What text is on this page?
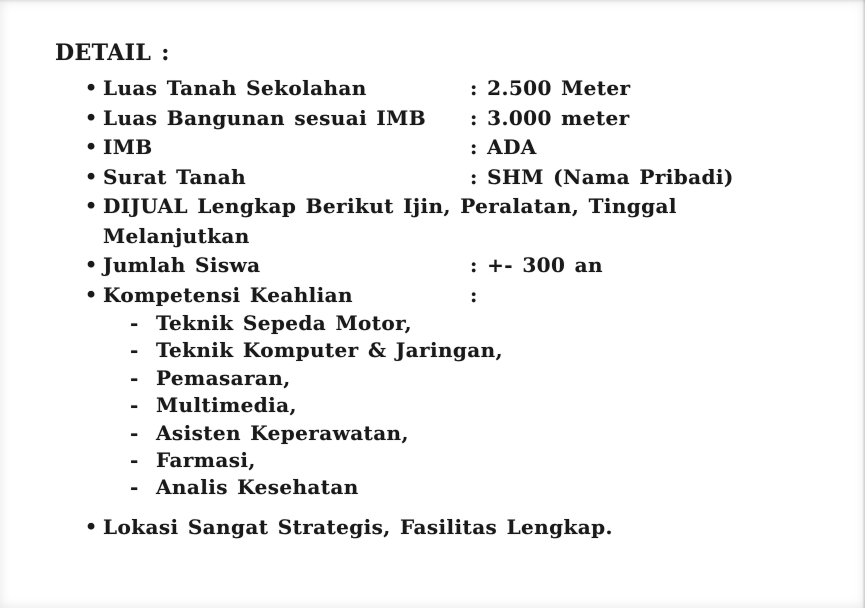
DETAIL :
• Luas Tanah Sekolahan	: 2.500 Meter
• Luas Bangunan sesuai IMB	: 3.000 meter
• IMB	: ADA
• Surat Tanah	: SHM (Nama Pribadi)
• DIJUAL Lengkap Berikut Ijin, Peralatan, Tinggal
Melanjutkan
• Jumlah Siswa	: +- 300 an
• Kompetensi Keahlian	:
- Teknik Sepeda Motor,
- Teknik Komputer & Jaringan,
- Pemasaran,
- Multimedia,
- Asisten Keperawatan,
- Farmasi,
- Analis Kesehatan
• Lokasi Sangat Strategis, Fasilitas Lengkap.
